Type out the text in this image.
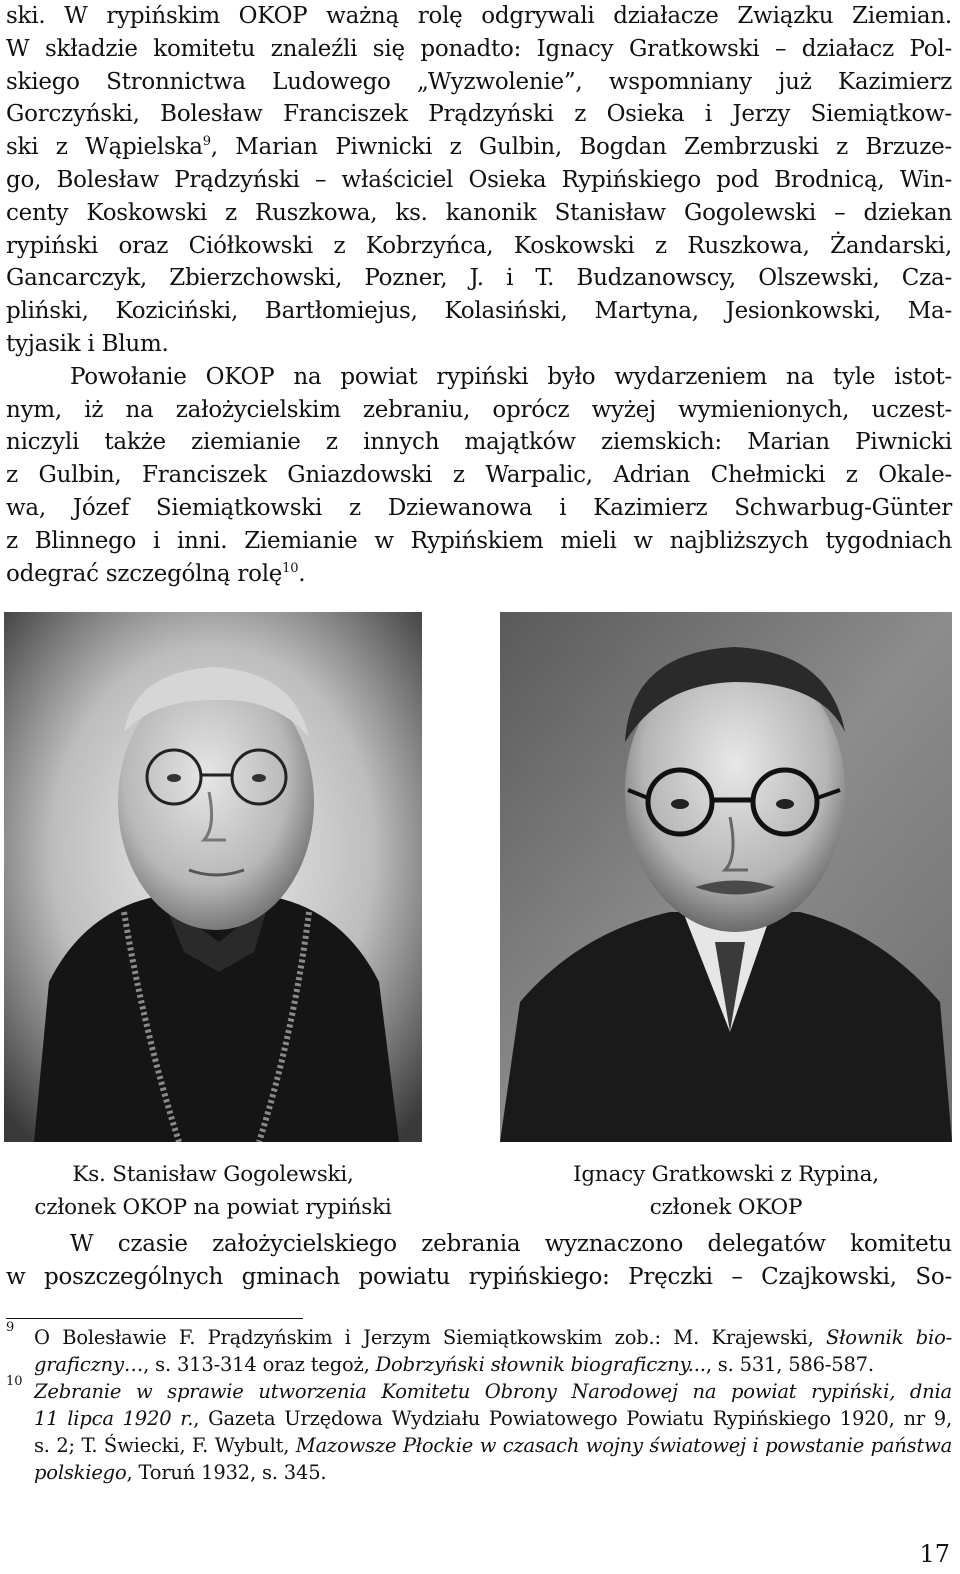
ski. W rypińskim OKOP ważną rolę odgrywali działacze Związku Ziemian.
W składzie komitetu znaleźli się ponadto: Ignacy Gratkowski – działacz Pol-
skiego Stronnictwa Ludowego „Wyzwolenie”, wspomniany już Kazimierz
Gorczyński, Bolesław Franciszek Prądzyński z Osieka i Jerzy Siemiątkow-
ski z Wąpielska$^9$, Marian Piwnicki z Gulbin, Bogdan Zembrzuski z Brzuze-
go, Bolesław Prądzyński – właściciel Osieka Rypińskiego pod Brodnicą, Win-
centy Koskowski z Ruszkowa, ks. kanonik Stanisław Gogolewski – dziekan
rypiński oraz Ciółkowski z Kobrzyńca, Koskowski z Ruszkowa, Żandarski,
Gancarczyk, Zbierzchowski, Pozner, J. i T. Budzanowscy, Olszewski, Cza-
pliński, Koziciński, Bartłomiejus, Kolasiński, Martyna, Jesionkowski, Ma-
tyjasik i Blum.
Powołanie OKOP na powiat rypiński było wydarzeniem na tyle istot-
nym, iż na założycielskim zebraniu, oprócz wyżej wymienionych, uczest-
niczyli także ziemianie z innych majątków ziemskich: Marian Piwnicki
z Gulbin, Franciszek Gniazdowski z Warpalic, Adrian Chełmicki z Okale-
wa, Józef Siemiątkowski z Dziewanowa i Kazimierz Schwarbug-Günter
z Blinnego i inni. Ziemianie w Rypińskiem mieli w najbliższych tygodniach
odegrać szczególną rolę$^{10}$.
Ks. Stanisław Gogolewski,
członek OKOP na powiat rypiński
Ignacy Gratkowski z Rypina,
członek OKOP
W czasie założycielskiego zebrania wyznaczono delegatów komitetu
w poszczególnych gminach powiatu rypińskiego: Pręczki – Czajkowski, So-
9 O Bolesławie F. Prądzyńskim i Jerzym Siemiątkowskim zob.: M. Krajewski, Słownik bio-
graficzny…, s. 313-314 oraz tegoż, Dobrzyński słownik biograficzny..., s. 531, 586-587.
10 Zebranie w sprawie utworzenia Komitetu Obrony Narodowej na powiat rypiński, dnia
11 lipca 1920 r., Gazeta Urzędowa Wydziału Powiatowego Powiatu Rypińskiego 1920, nr 9,
s. 2; T. Świecki, F. Wybult, Mazowsze Płockie w czasach wojny światowej i powstanie państwa
polskiego, Toruń 1932, s. 345.
17
